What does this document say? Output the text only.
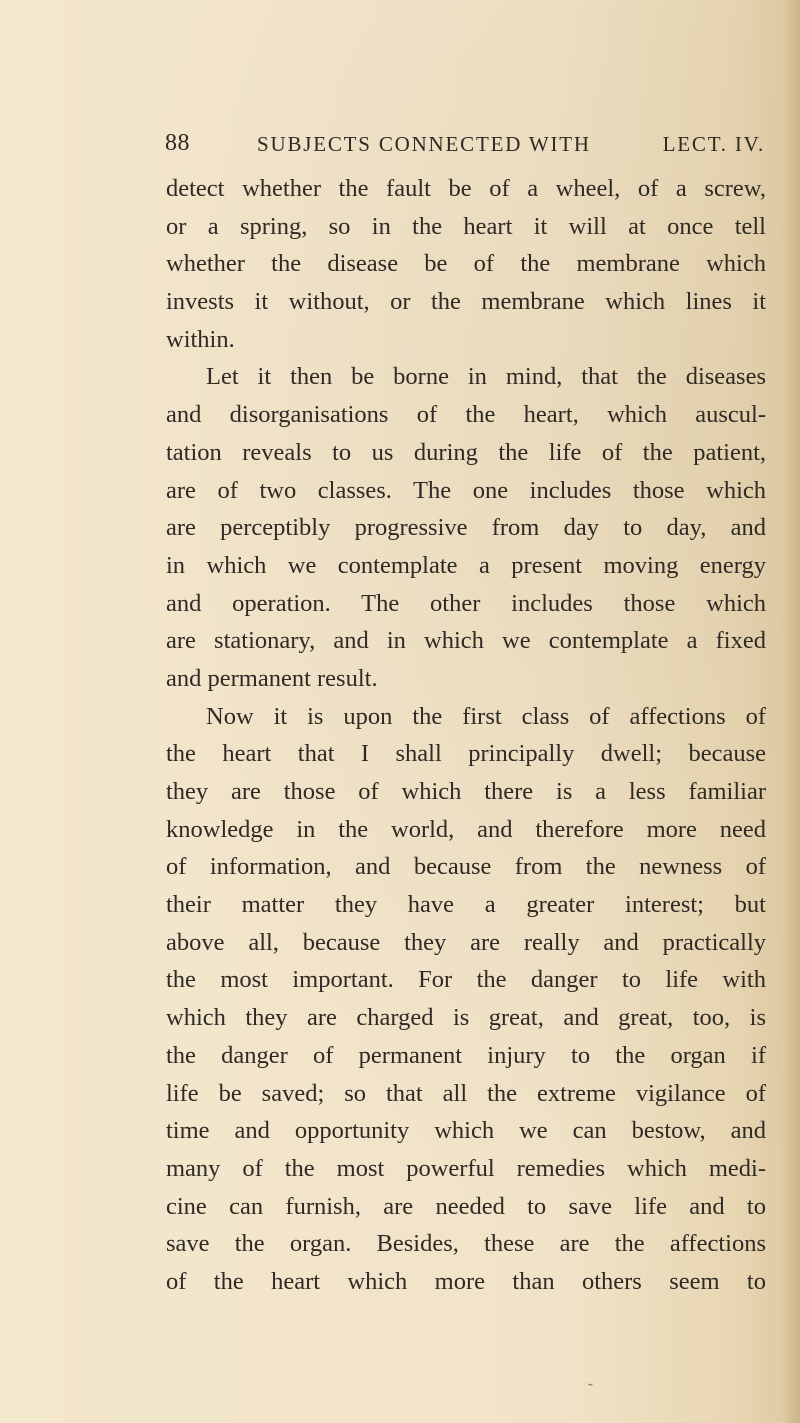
88	SUBJECTS CONNECTED WITH	LECT. IV.
detect whether the fault be of a wheel, of a screw,
or a spring, so in the heart it will at once tell
whether the disease be of the membrane which
invests it without, or the membrane which lines it
within.
Let it then be borne in mind, that the diseases
and disorganisations of the heart, which auscul-
tation reveals to us during the life of the patient,
are of two classes. The one includes those which
are perceptibly progressive from day to day, and
in which we contemplate a present moving energy
and operation. The other includes those which
are stationary, and in which we contemplate a fixed
and permanent result.
Now it is upon the first class of affections of
the heart that I shall principally dwell; because
they are those of which there is a less familiar
knowledge in the world, and therefore more need
of information, and because from the newness of
their matter they have a greater interest; but
above all, because they are really and practically
the most important. For the danger to life with
which they are charged is great, and great, too, is
the danger of permanent injury to the organ if
life be saved; so that all the extreme vigilance of
time and opportunity which we can bestow, and
many of the most powerful remedies which medi-
cine can furnish, are needed to save life and to
save the organ. Besides, these are the affections
of the heart which more than others seem to
˷
